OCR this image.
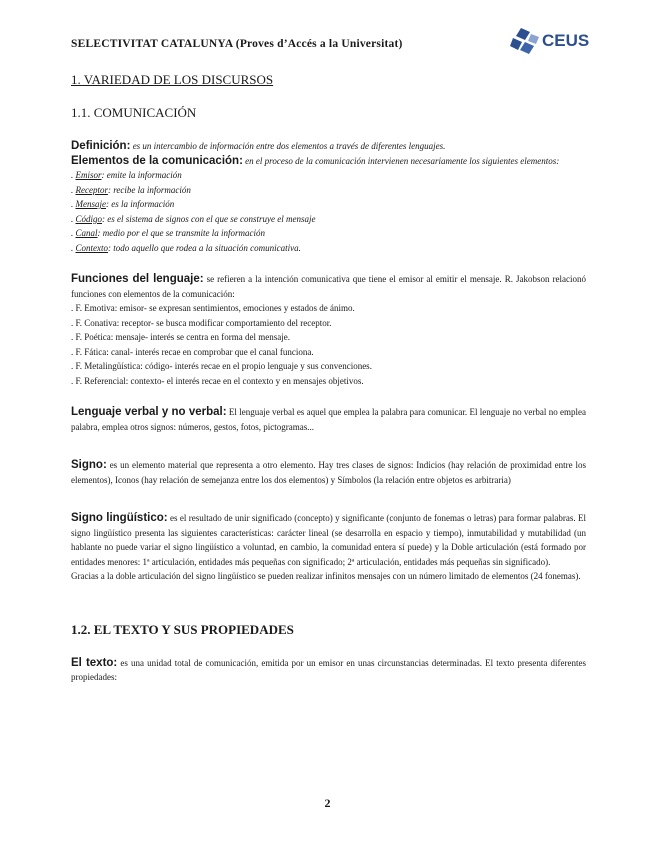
SELECTIVITAT CATALUNYA (Proves d’Accés a la Universitat)	CEUS
1. VARIEDAD DE LOS DISCURSOS
1.1. COMUNICACIÓN

Definición: es un intercambio de información entre dos elementos a través de diferentes lenguajes.

Elementos de la comunicación: en el proceso de la comunicación intervienen necesariamente los siguientes elementos:

. Emisor: emite la información
. Receptor: recibe la información
. Mensaje: es la información
. Código: es el sistema de signos con el que se construye el mensaje
. Canal: medio por el que se transmite la información
. Contexto: todo aquello que rodea a la situación comunicativa.

Funciones del lenguaje: se refieren a la intención comunicativa que tiene el emisor al emitir el mensaje. R. Jakobson relacionó funciones con elementos de la comunicación:

. F. Emotiva: emisor- se expresan sentimientos, emociones y estados de ánimo.
. F. Conativa: receptor- se busca modificar comportamiento del receptor.
. F. Poética: mensaje- interés se centra en forma del mensaje.
. F. Fática: canal- interés recae en comprobar que el canal funciona.
. F. Metalingüística: código- interés recae en el propio lenguaje y sus convenciones.
. F. Referencial: contexto- el interés recae en el contexto y en mensajes objetivos.

Lenguaje verbal y no verbal: El lenguaje verbal es aquel que emplea la palabra para comunicar. El lenguaje no verbal no emplea palabra, emplea otros signos: números, gestos, fotos, pictogramas...

Signo: es un elemento material que representa a otro elemento. Hay tres clases de signos: Indicios (hay relación de proximidad entre los elementos), Iconos (hay relación de semejanza entre los dos elementos) y Símbolos (la relación entre objetos es arbitraria)

Signo lingüístico: es el resultado de unir significado (concepto) y significante (conjunto de fonemas o letras) para formar palabras. El signo lingüístico presenta las siguientes características: carácter lineal (se desarrolla en espacio y tiempo), inmutabilidad y mutabilidad (un hablante no puede variar el signo lingüístico a voluntad, en cambio, la comunidad entera sí puede) y la Doble articulación (está formado por entidades menores: 1ª articulación, entidades más pequeñas con significado; 2ª articulación, entidades más pequeñas sin significado).

Gracias a la doble articulación del signo lingüístico se pueden realizar infinitos mensajes con un número limitado de elementos (24 fonemas).

1.2. EL TEXTO Y SUS PROPIEDADES

El texto: es una unidad total de comunicación, emitida por un emisor en unas circunstancias determinadas. El texto presenta diferentes propiedades:

2
